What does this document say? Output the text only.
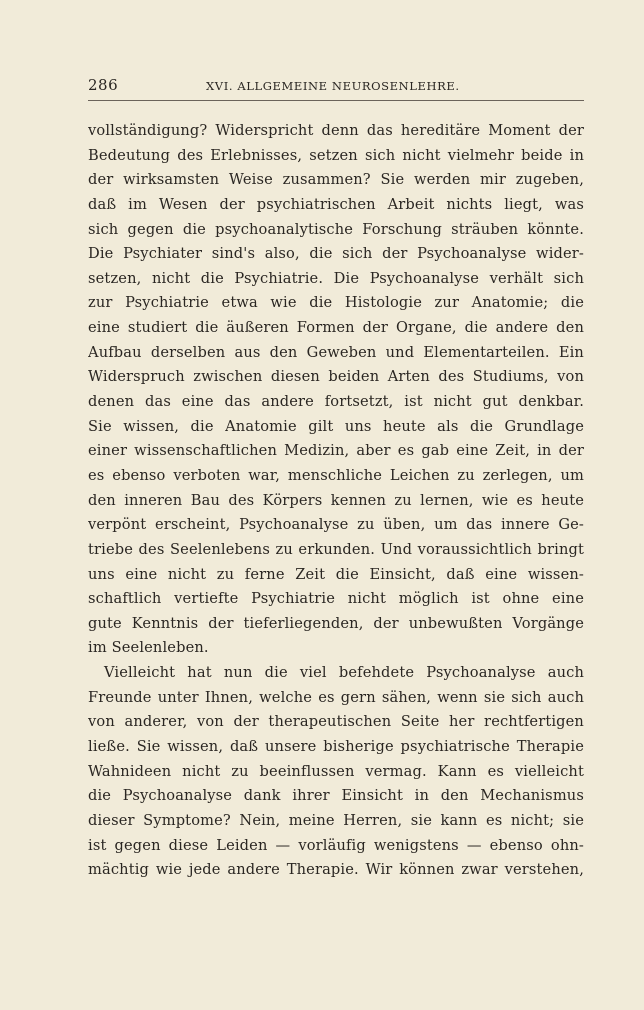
286	XVI. ALLGEMEINE NEUROSENLEHRE.
vollständigung? Widerspricht denn das hereditäre Moment der
Bedeutung des Erlebnisses, setzen sich nicht vielmehr beide in
der wirksamsten Weise zusammen? Sie werden mir zugeben,
daß im Wesen der psychiatrischen Arbeit nichts liegt, was
sich gegen die psychoanalytische Forschung sträuben könnte.
Die Psychiater sind's also, die sich der Psychoanalyse wider-
setzen, nicht die Psychiatrie. Die Psychoanalyse verhält sich
zur Psychiatrie etwa wie die Histologie zur Anatomie; die
eine studiert die äußeren Formen der Organe, die andere den
Aufbau derselben aus den Geweben und Elementarteilen. Ein
Widerspruch zwischen diesen beiden Arten des Studiums, von
denen das eine das andere fortsetzt, ist nicht gut denkbar.
Sie wissen, die Anatomie gilt uns heute als die Grundlage
einer wissenschaftlichen Medizin, aber es gab eine Zeit, in der
es ebenso verboten war, menschliche Leichen zu zerlegen, um
den inneren Bau des Körpers kennen zu lernen, wie es heute
verpönt erscheint, Psychoanalyse zu üben, um das innere Ge-
triebe des Seelenlebens zu erkunden. Und voraussichtlich bringt
uns eine nicht zu ferne Zeit die Einsicht, daß eine wissen-
schaftlich vertiefte Psychiatrie nicht möglich ist ohne eine
gute Kenntnis der tieferliegenden, der unbewußten Vorgänge
im Seelenleben.
Vielleicht hat nun die viel befehdete Psychoanalyse auch
Freunde unter Ihnen, welche es gern sähen, wenn sie sich auch
von anderer, von der therapeutischen Seite her rechtfertigen
ließe. Sie wissen, daß unsere bisherige psychiatrische Therapie
Wahnideen nicht zu beeinflussen vermag. Kann es vielleicht
die Psychoanalyse dank ihrer Einsicht in den Mechanismus
dieser Symptome? Nein, meine Herren, sie kann es nicht; sie
ist gegen diese Leiden — vorläufig wenigstens — ebenso ohn-
mächtig wie jede andere Therapie. Wir können zwar verstehen,
